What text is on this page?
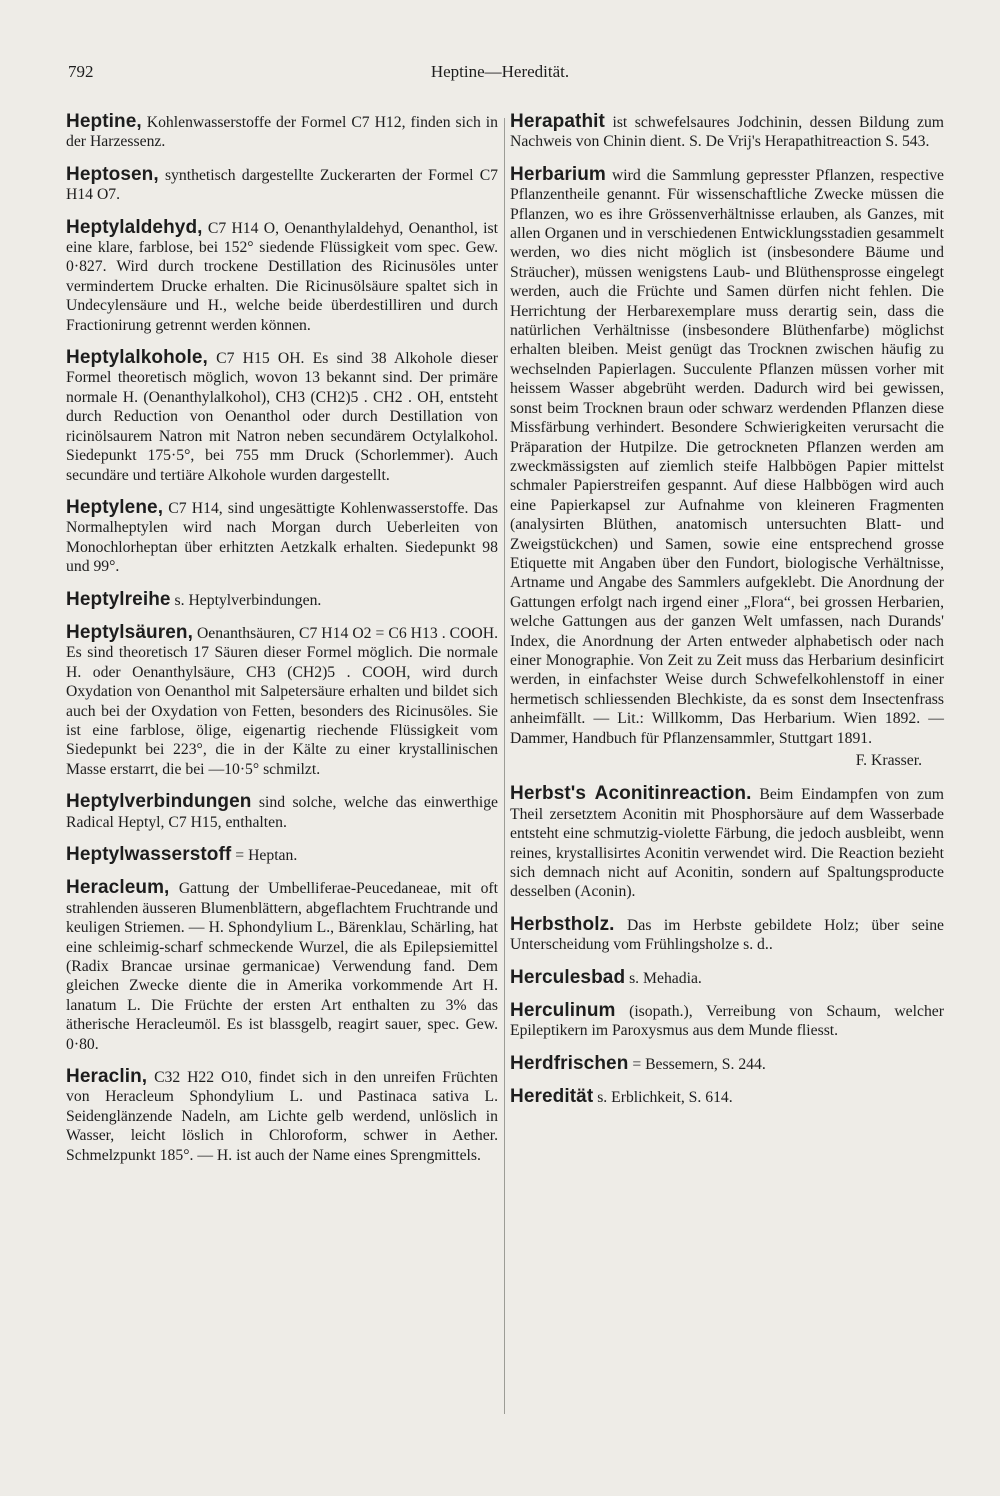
792	Heptine—Heredität.

Heptine, Kohlenwasserstoffe der Formel C7 H12, finden sich in der Harzessenz.

Heptosen, synthetisch dargestellte Zuckerarten der Formel C7 H14 O7.

Heptylaldehyd, C7 H14 O, Oenanthylaldehyd, Oenanthol, ist eine klare, farblose, bei 152° siedende Flüssigkeit vom spec. Gew. 0·827. Wird durch trockene Destillation des Ricinusöles unter vermindertem Drucke erhalten. Die Ricinusölsäure spaltet sich in Undecylensäure und H., welche beide überdestilliren und durch Fractionirung getrennt werden können.

Heptylalkohole, C7 H15 OH. Es sind 38 Alkohole dieser Formel theoretisch möglich, wovon 13 bekannt sind. Der primäre normale H. (Oenanthylalkohol), CH3 (CH2)5 . CH2 . OH, entsteht durch Reduction von Oenanthol oder durch Destillation von ricinölsaurem Natron mit Natron neben secundärem Octylalkohol. Siedepunkt 175·5°, bei 755 mm Druck (Schorlemmer). Auch secundäre und tertiäre Alkohole wurden dargestellt.

Heptylene, C7 H14, sind ungesättigte Kohlenwasserstoffe. Das Normalheptylen wird nach Morgan durch Ueberleiten von Monochlorheptan über erhitzten Aetzkalk erhalten. Siedepunkt 98 und 99°.

Heptylreihe s. Heptylverbindungen.

Heptylsäuren, Oenanthsäuren, C7 H14 O2 = C6 H13 . COOH. Es sind theoretisch 17 Säuren dieser Formel möglich. Die normale H. oder Oenanthylsäure, CH3 (CH2)5 . COOH, wird durch Oxydation von Oenanthol mit Salpetersäure erhalten und bildet sich auch bei der Oxydation von Fetten, besonders des Ricinusöles. Sie ist eine farblose, ölige, eigenartig riechende Flüssigkeit vom Siedepunkt bei 223°, die in der Kälte zu einer krystallinischen Masse erstarrt, die bei —10·5° schmilzt.

Heptylverbindungen sind solche, welche das einwerthige Radical Heptyl, C7 H15, enthalten.

Heptylwasserstoff = Heptan.

Heracleum, Gattung der Umbelliferae-Peucedaneae, mit oft strahlenden äusseren Blumenblättern, abgeflachtem Fruchtrande und keuligen Striemen. — H. Sphondylium L., Bärenklau, Schärling, hat eine schleimig-scharf schmeckende Wurzel, die als Epilepsiemittel (Radix Brancae ursinae germanicae) Verwendung fand. Dem gleichen Zwecke diente die in Amerika vorkommende Art H. lanatum L. Die Früchte der ersten Art enthalten zu 3% das ätherische Heracleumöl. Es ist blassgelb, reagirt sauer, spec. Gew. 0·80.

Heraclin, C32 H22 O10, findet sich in den unreifen Früchten von Heracleum Sphondylium L. und Pastinaca sativa L. Seidenglänzende Nadeln, am Lichte gelb werdend, unlöslich in Wasser, leicht löslich in Chloroform, schwer in Aether. Schmelzpunkt 185°. — H. ist auch der Name eines Sprengmittels.

Herapathit ist schwefelsaures Jodchinin, dessen Bildung zum Nachweis von Chinin dient. S. De Vrij's Herapathitreaction S. 543.

Herbarium wird die Sammlung gepresster Pflanzen, respective Pflanzentheile genannt. Für wissenschaftliche Zwecke müssen die Pflanzen, wo es ihre Grössenverhältnisse erlauben, als Ganzes, mit allen Organen und in verschiedenen Entwicklungsstadien gesammelt werden, wo dies nicht möglich ist (insbesondere Bäume und Sträucher), müssen wenigstens Laub- und Blüthensprosse eingelegt werden, auch die Früchte und Samen dürfen nicht fehlen. Die Herrichtung der Herbarexemplare muss derartig sein, dass die natürlichen Verhältnisse (insbesondere Blüthenfarbe) möglichst erhalten bleiben. Meist genügt das Trocknen zwischen häufig zu wechselnden Papierlagen. Succulente Pflanzen müssen vorher mit heissem Wasser abgebrüht werden. Dadurch wird bei gewissen, sonst beim Trocknen braun oder schwarz werdenden Pflanzen diese Missfärbung verhindert. Besondere Schwierigkeiten verursacht die Präparation der Hutpilze. Die getrockneten Pflanzen werden am zweckmässigsten auf ziemlich steife Halbbögen Papier mittelst schmaler Papierstreifen gespannt. Auf diese Halbbögen wird auch eine Papierkapsel zur Aufnahme von kleineren Fragmenten (analysirten Blüthen, anatomisch untersuchten Blatt- und Zweigstückchen) und Samen, sowie eine entsprechend grosse Etiquette mit Angaben über den Fundort, biologische Verhältnisse, Artname und Angabe des Sammlers aufgeklebt. Die Anordnung der Gattungen erfolgt nach irgend einer „Flora“, bei grossen Herbarien, welche Gattungen aus der ganzen Welt umfassen, nach Durands' Index, die Anordnung der Arten entweder alphabetisch oder nach einer Monographie. Von Zeit zu Zeit muss das Herbarium desinficirt werden, in einfachster Weise durch Schwefelkohlenstoff in einer hermetisch schliessenden Blechkiste, da es sonst dem Insectenfrass anheimfällt. — Lit.: Willkomm, Das Herbarium. Wien 1892. — Dammer, Handbuch für Pflanzensammler, Stuttgart 1891.

F. Krasser.

Herbst's Aconitinreaction. Beim Eindampfen von zum Theil zersetztem Aconitin mit Phosphorsäure auf dem Wasserbade entsteht eine schmutzig-violette Färbung, die jedoch ausbleibt, wenn reines, krystallisirtes Aconitin verwendet wird. Die Reaction bezieht sich demnach nicht auf Aconitin, sondern auf Spaltungsproducte desselben (Aconin).

Herbstholz. Das im Herbste gebildete Holz; über seine Unterscheidung vom Frühlingsholze s. d..

Herculesbad s. Mehadia.

Herculinum (isopath.), Verreibung von Schaum, welcher Epileptikern im Paroxysmus aus dem Munde fliesst.

Herdfrischen = Bessemern, S. 244.

Heredität s. Erblichkeit, S. 614.
